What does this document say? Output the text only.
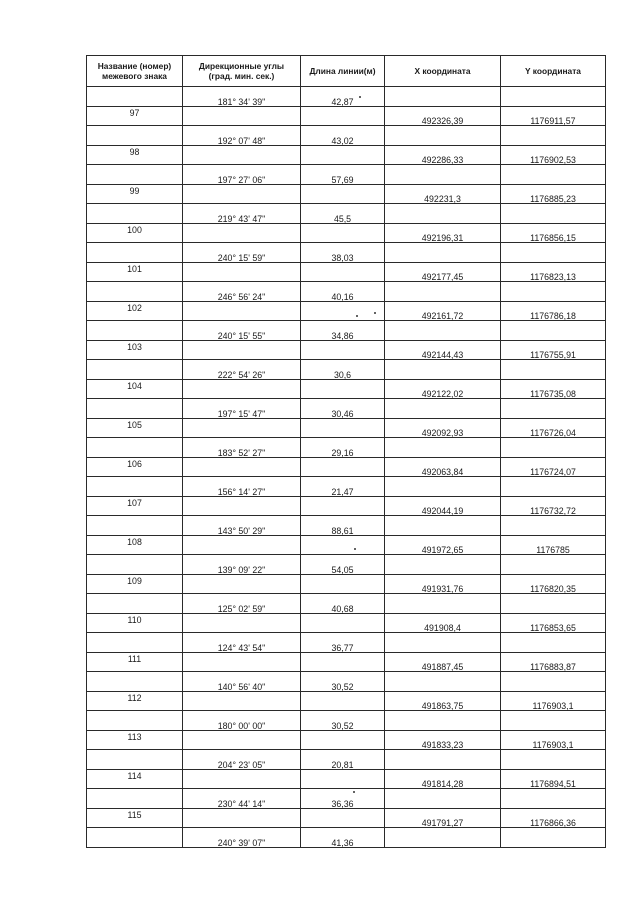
Название (номер)
межевого знака	Дирекционные углы
(град. мин. сек.)	Длина линии(м)	X координата	Y координата

	181° 34' 39"	42,87		

97			492326,39	1176911,57

	192° 07' 48"	43,02		

98			492286,33	1176902,53

	197° 27' 06"	57,69		

99			492231,3	1176885,23

	219° 43' 47"	45,5		

100			492196,31	1176856,15

	240° 15' 59"	38,03		

101			492177,45	1176823,13

	246° 56' 24"	40,16		

102			492161,72	1176786,18

	240° 15' 55"	34,86		

103			492144,43	1176755,91

	222° 54' 26"	30,6		

104			492122,02	1176735,08

	197° 15' 47"	30,46		

105			492092,93	1176726,04

	183° 52' 27"	29,16		

106			492063,84	1176724,07

	156° 14' 27"	21,47		

107			492044,19	1176732,72

	143° 50' 29"	88,61		

108			491972,65	1176785

	139° 09' 22"	54,05		

109			491931,76	1176820,35

	125° 02' 59"	40,68		

110			491908,4	1176853,65

	124° 43' 54"	36,77		

111			491887,45	1176883,87

	140° 56' 40"	30,52		

112			491863,75	1176903,1

	180° 00' 00"	30,52		

113			491833,23	1176903,1

	204° 23' 05"	20,81		

114			491814,28	1176894,51

	230° 44' 14"	36,36		

115			491791,27	1176866,36

	240° 39' 07"	41,36		
